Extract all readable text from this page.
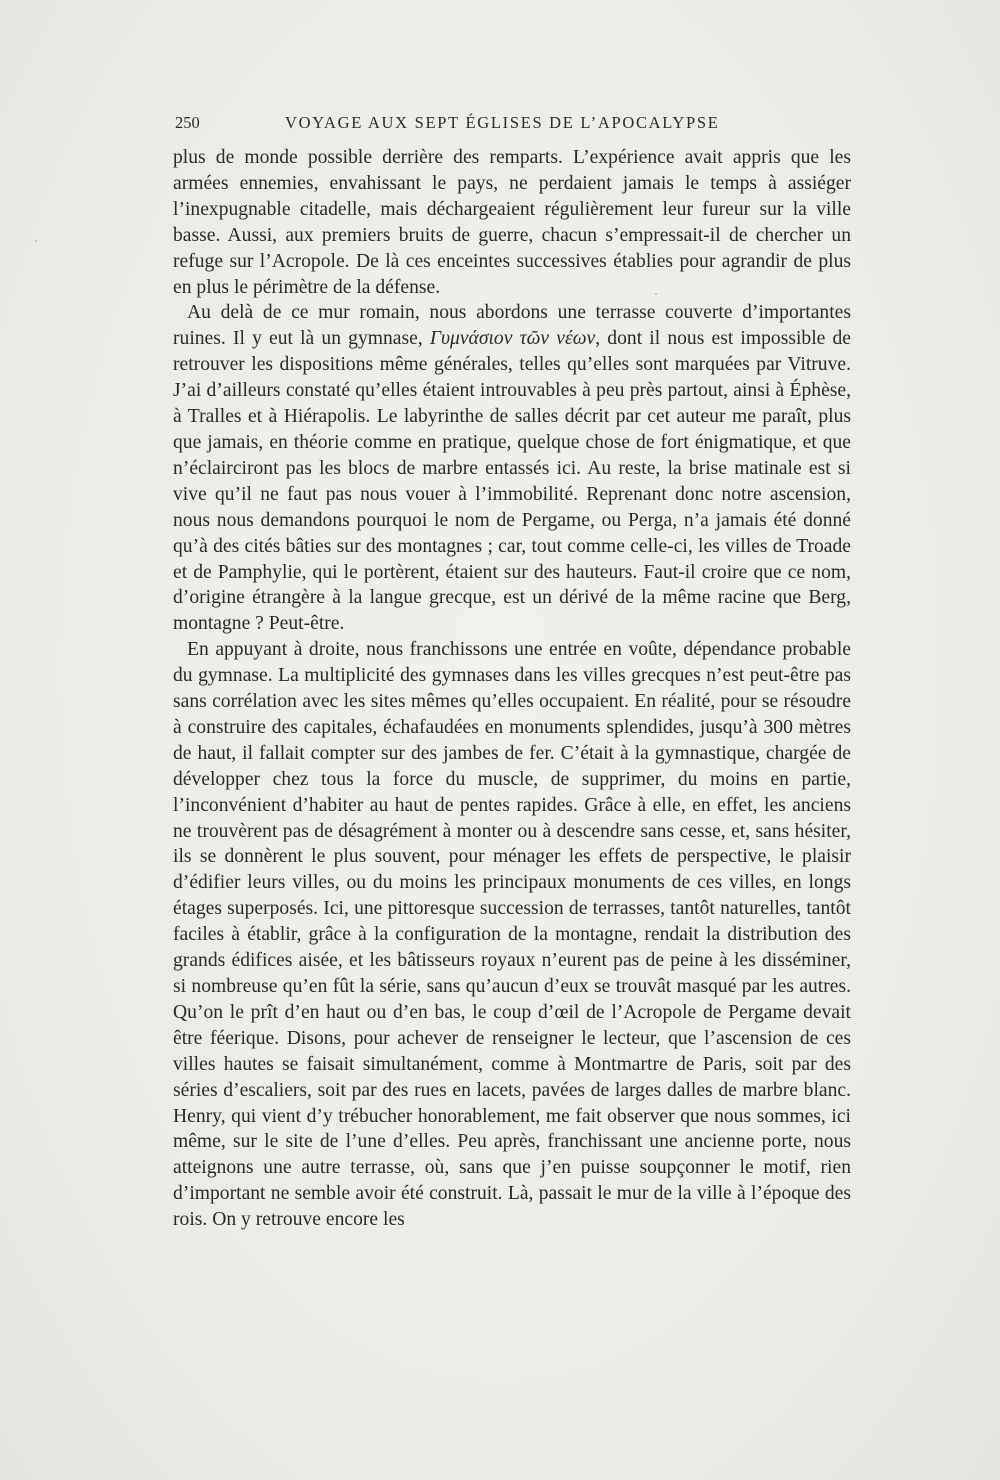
250	VOYAGE AUX SEPT ÉGLISES DE L’APOCALYPSE

plus de monde possible derrière des remparts. L’expérience avait appris que les armées ennemies, envahissant le pays, ne perdaient jamais le temps à assiéger l’inexpugnable citadelle, mais déchargeaient régulièrement leur fureur sur la ville basse. Aussi, aux premiers bruits de guerre, chacun s’empressait-il de chercher un refuge sur l’Acropole. De là ces enceintes successives établies pour agrandir de plus en plus le périmètre de la défense.

Au delà de ce mur romain, nous abordons une terrasse couverte d’importantes ruines. Il y eut là un gymnase, Γυμνάσιον τῶν νέων, dont il nous est impossible de retrouver les dispositions même générales, telles qu’elles sont marquées par Vitruve. J’ai d’ailleurs constaté qu’elles étaient introuvables à peu près partout, ainsi à Éphèse, à Tralles et à Hiérapolis. Le labyrinthe de salles décrit par cet auteur me paraît, plus que jamais, en théorie comme en pratique, quelque chose de fort énigmatique, et que n’éclairciront pas les blocs de marbre entassés ici. Au reste, la brise matinale est si vive qu’il ne faut pas nous vouer à l’immobilité. Reprenant donc notre ascension, nous nous demandons pourquoi le nom de Pergame, ou Perga, n’a jamais été donné qu’à des cités bâties sur des montagnes ; car, tout comme celle-ci, les villes de Troade et de Pamphylie, qui le portèrent, étaient sur des hauteurs. Faut-il croire que ce nom, d’origine étrangère à la langue grecque, est un dérivé de la même racine que Berg, montagne ? Peut-être.

En appuyant à droite, nous franchissons une entrée en voûte, dépendance probable du gymnase. La multiplicité des gymnases dans les villes grecques n’est peut-être pas sans corrélation avec les sites mêmes qu’elles occupaient. En réalité, pour se résoudre à construire des capitales, échafaudées en monuments splendides, jusqu’à 300 mètres de haut, il fallait compter sur des jambes de fer. C’était à la gymnastique, chargée de développer chez tous la force du muscle, de supprimer, du moins en partie, l’inconvénient d’habiter au haut de pentes rapides. Grâce à elle, en effet, les anciens ne trouvèrent pas de désagrément à monter ou à descendre sans cesse, et, sans hésiter, ils se donnèrent le plus souvent, pour ménager les effets de perspective, le plaisir d’édifier leurs villes, ou du moins les principaux monuments de ces villes, en longs étages superposés. Ici, une pittoresque succession de terrasses, tantôt naturelles, tantôt faciles à établir, grâce à la configuration de la montagne, rendait la distribution des grands édifices aisée, et les bâtisseurs royaux n’eurent pas de peine à les disséminer, si nombreuse qu’en fût la série, sans qu’aucun d’eux se trouvât masqué par les autres. Qu’on le prît d’en haut ou d’en bas, le coup d’œil de l’Acropole de Pergame devait être féerique. Disons, pour achever de renseigner le lecteur, que l’ascension de ces villes hautes se faisait simultanément, comme à Montmartre de Paris, soit par des séries d’escaliers, soit par des rues en lacets, pavées de larges dalles de marbre blanc. Henry, qui vient d’y trébucher honorablement, me fait observer que nous sommes, ici même, sur le site de l’une d’elles. Peu après, franchissant une ancienne porte, nous atteignons une autre terrasse, où, sans que j’en puisse soupçonner le motif, rien d’important ne semble avoir été construit. Là, passait le mur de la ville à l’époque des rois. On y retrouve encore les
